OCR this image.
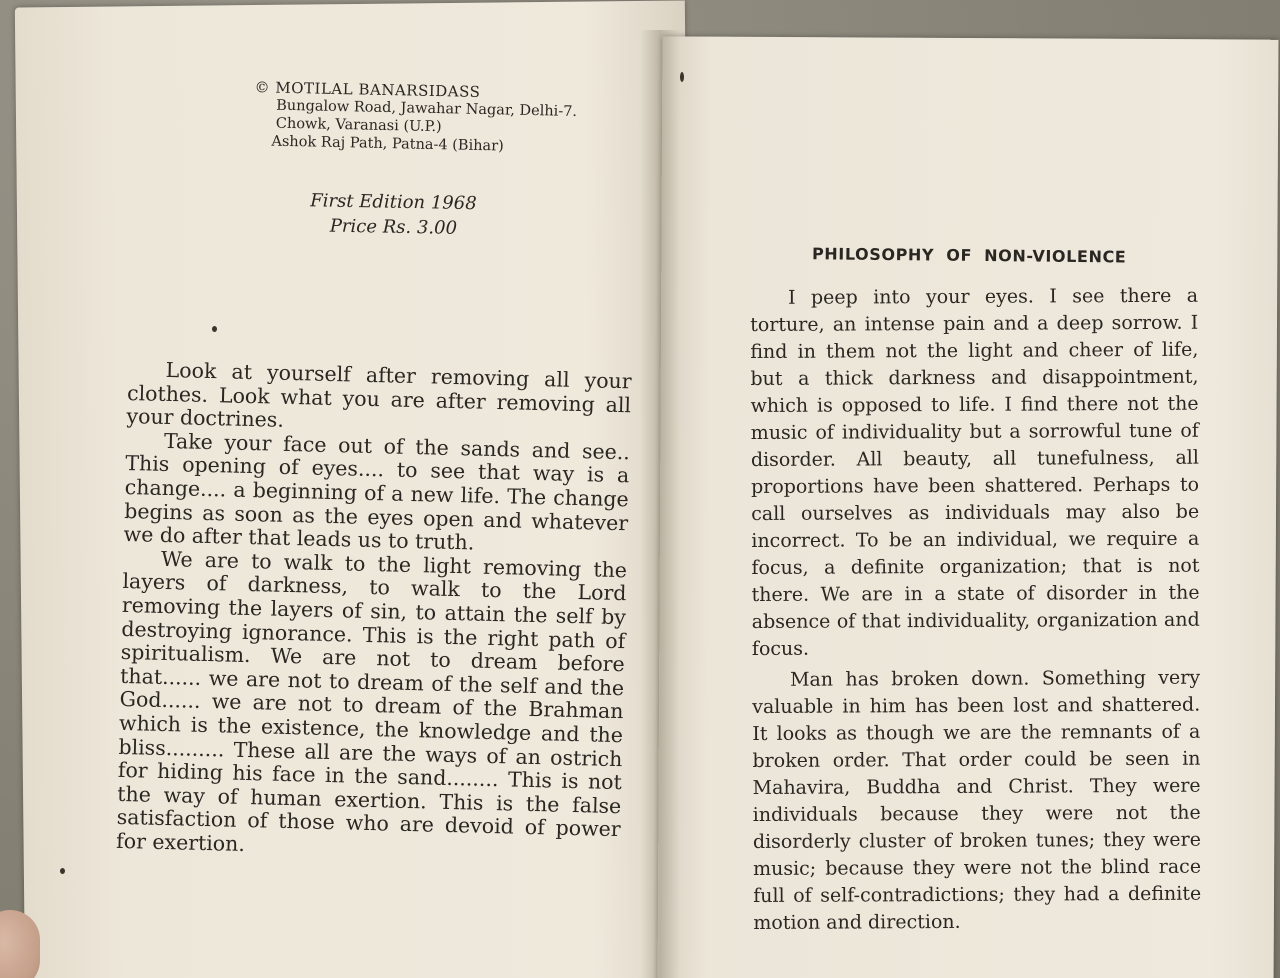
© MOTILAL BANARSIDASS
Bungalow Road, Jawahar Nagar, Delhi-7.
Chowk, Varanasi (U.P.)
Ashok Raj Path, Patna-4 (Bihar)
First Edition 1968
Price Rs. 3.00

Look at yourself after removing all your clothes. Look what you are after removing all your doctrines.

Take your face out of the sands and see.. This opening of eyes.... to see that way is a change.... a beginning of a new life. The change begins as soon as the eyes open and whatever we do after that leads us to truth.

We are to walk to the light removing the layers of darkness, to walk to the Lord removing the layers of sin, to attain the self by destroying ignorance. This is the right path of spiritualism. We are not to dream before that...... we are not to dream of the self and the God...... we are not to dream of the Brahman which is the existence, the knowledge and the bliss......... These all are the ways of an ostrich for hiding his face in the sand........ This is not the way of human exertion. This is the false satisfaction of those who are devoid of power for exertion.

PHILOSOPHY OF NON-VIOLENCE

I peep into your eyes. I see there a torture, an intense pain and a deep sorrow. I find in them not the light and cheer of life, but a thick darkness and disappointment, which is opposed to life. I find there not the music of individuality but a sorrowful tune of disorder. All beauty, all tunefulness, all proportions have been shattered. Perhaps to call ourselves as individuals may also be incorrect. To be an individual, we require a focus, a definite organization; that is not there. We are in a state of disorder in the absence of that individuality, organization and focus.

Man has broken down. Something very valuable in him has been lost and shattered. It looks as though we are the remnants of a broken order. That order could be seen in Mahavira, Buddha and Christ. They were individuals because they were not the disorderly cluster of broken tunes; they were music; because they were not the blind race full of self-contradictions; they had a definite motion and direction.
